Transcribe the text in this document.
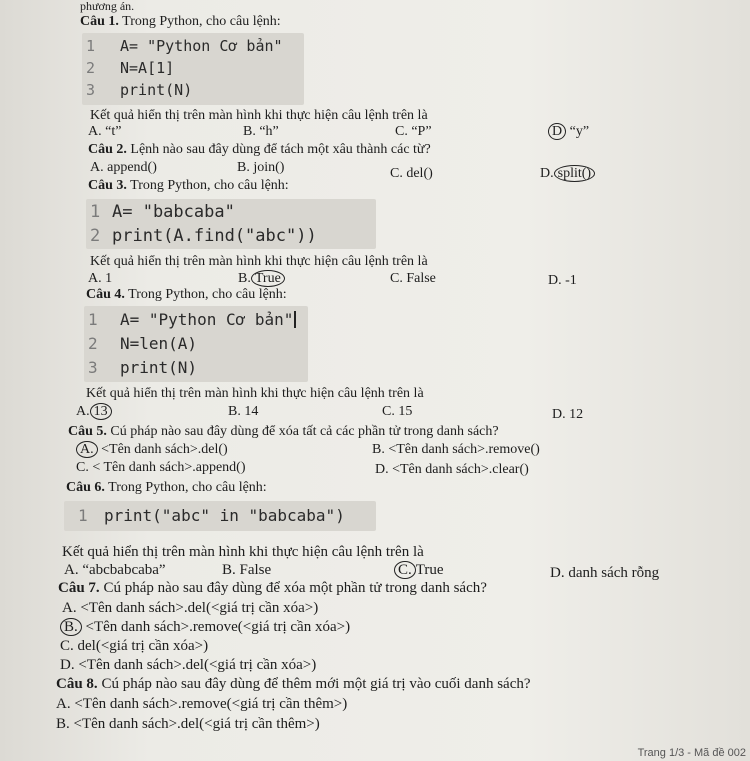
phương án.
Câu 1. Trong Python, cho câu lệnh:
1 A= "Python Cơ bản"
2 N=A[1]
3 print(N)
Kết quả hiển thị trên màn hình khi thực hiện câu lệnh trên là
A. “t”	B. “h”	C. “P”	D “y”
Câu 2. Lệnh nào sau đây dùng để tách một xâu thành các từ?
A. append()	B. join()	C. del()	D. split()
Câu 3. Trong Python, cho câu lệnh:
1 A= "babcaba"
2 print(A.find("abc"))
Kết quả hiển thị trên màn hình khi thực hiện câu lệnh trên là
A. 1	B. True	C. False	D. -1
Câu 4. Trong Python, cho câu lệnh:
1 A= "Python Cơ bản"
2 N=len(A)
3 print(N)
Kết quả hiển thị trên màn hình khi thực hiện câu lệnh trên là
A. 13	B. 14	C. 15	D. 12
Câu 5. Cú pháp nào sau đây dùng để xóa tất cả các phần tử trong danh sách?
A. <Tên danh sách>.del()	B. <Tên danh sách>.remove()
C. < Tên danh sách>.append()	D. <Tên danh sách>.clear()
Câu 6. Trong Python, cho câu lệnh:
1 print("abc" in "babcaba")
Kết quả hiển thị trên màn hình khi thực hiện câu lệnh trên là
A. “abcbabcaba”	B. False	C. True	D. danh sách rỗng
Câu 7. Cú pháp nào sau đây dùng để xóa một phần tử trong danh sách?
A. <Tên danh sách>.del(<giá trị cần xóa>)
B. <Tên danh sách>.remove(<giá trị cần xóa>)
C. del(<giá trị cần xóa>)
D. <Tên danh sách>.del(<giá trị cần xóa>)
Câu 8. Cú pháp nào sau đây dùng để thêm mới một giá trị vào cuối danh sách?
A. <Tên danh sách>.remove(<giá trị cần thêm>)
B. <Tên danh sách>.del(<giá trị cần thêm>)
Trang 1/3 - Mã đề 002
